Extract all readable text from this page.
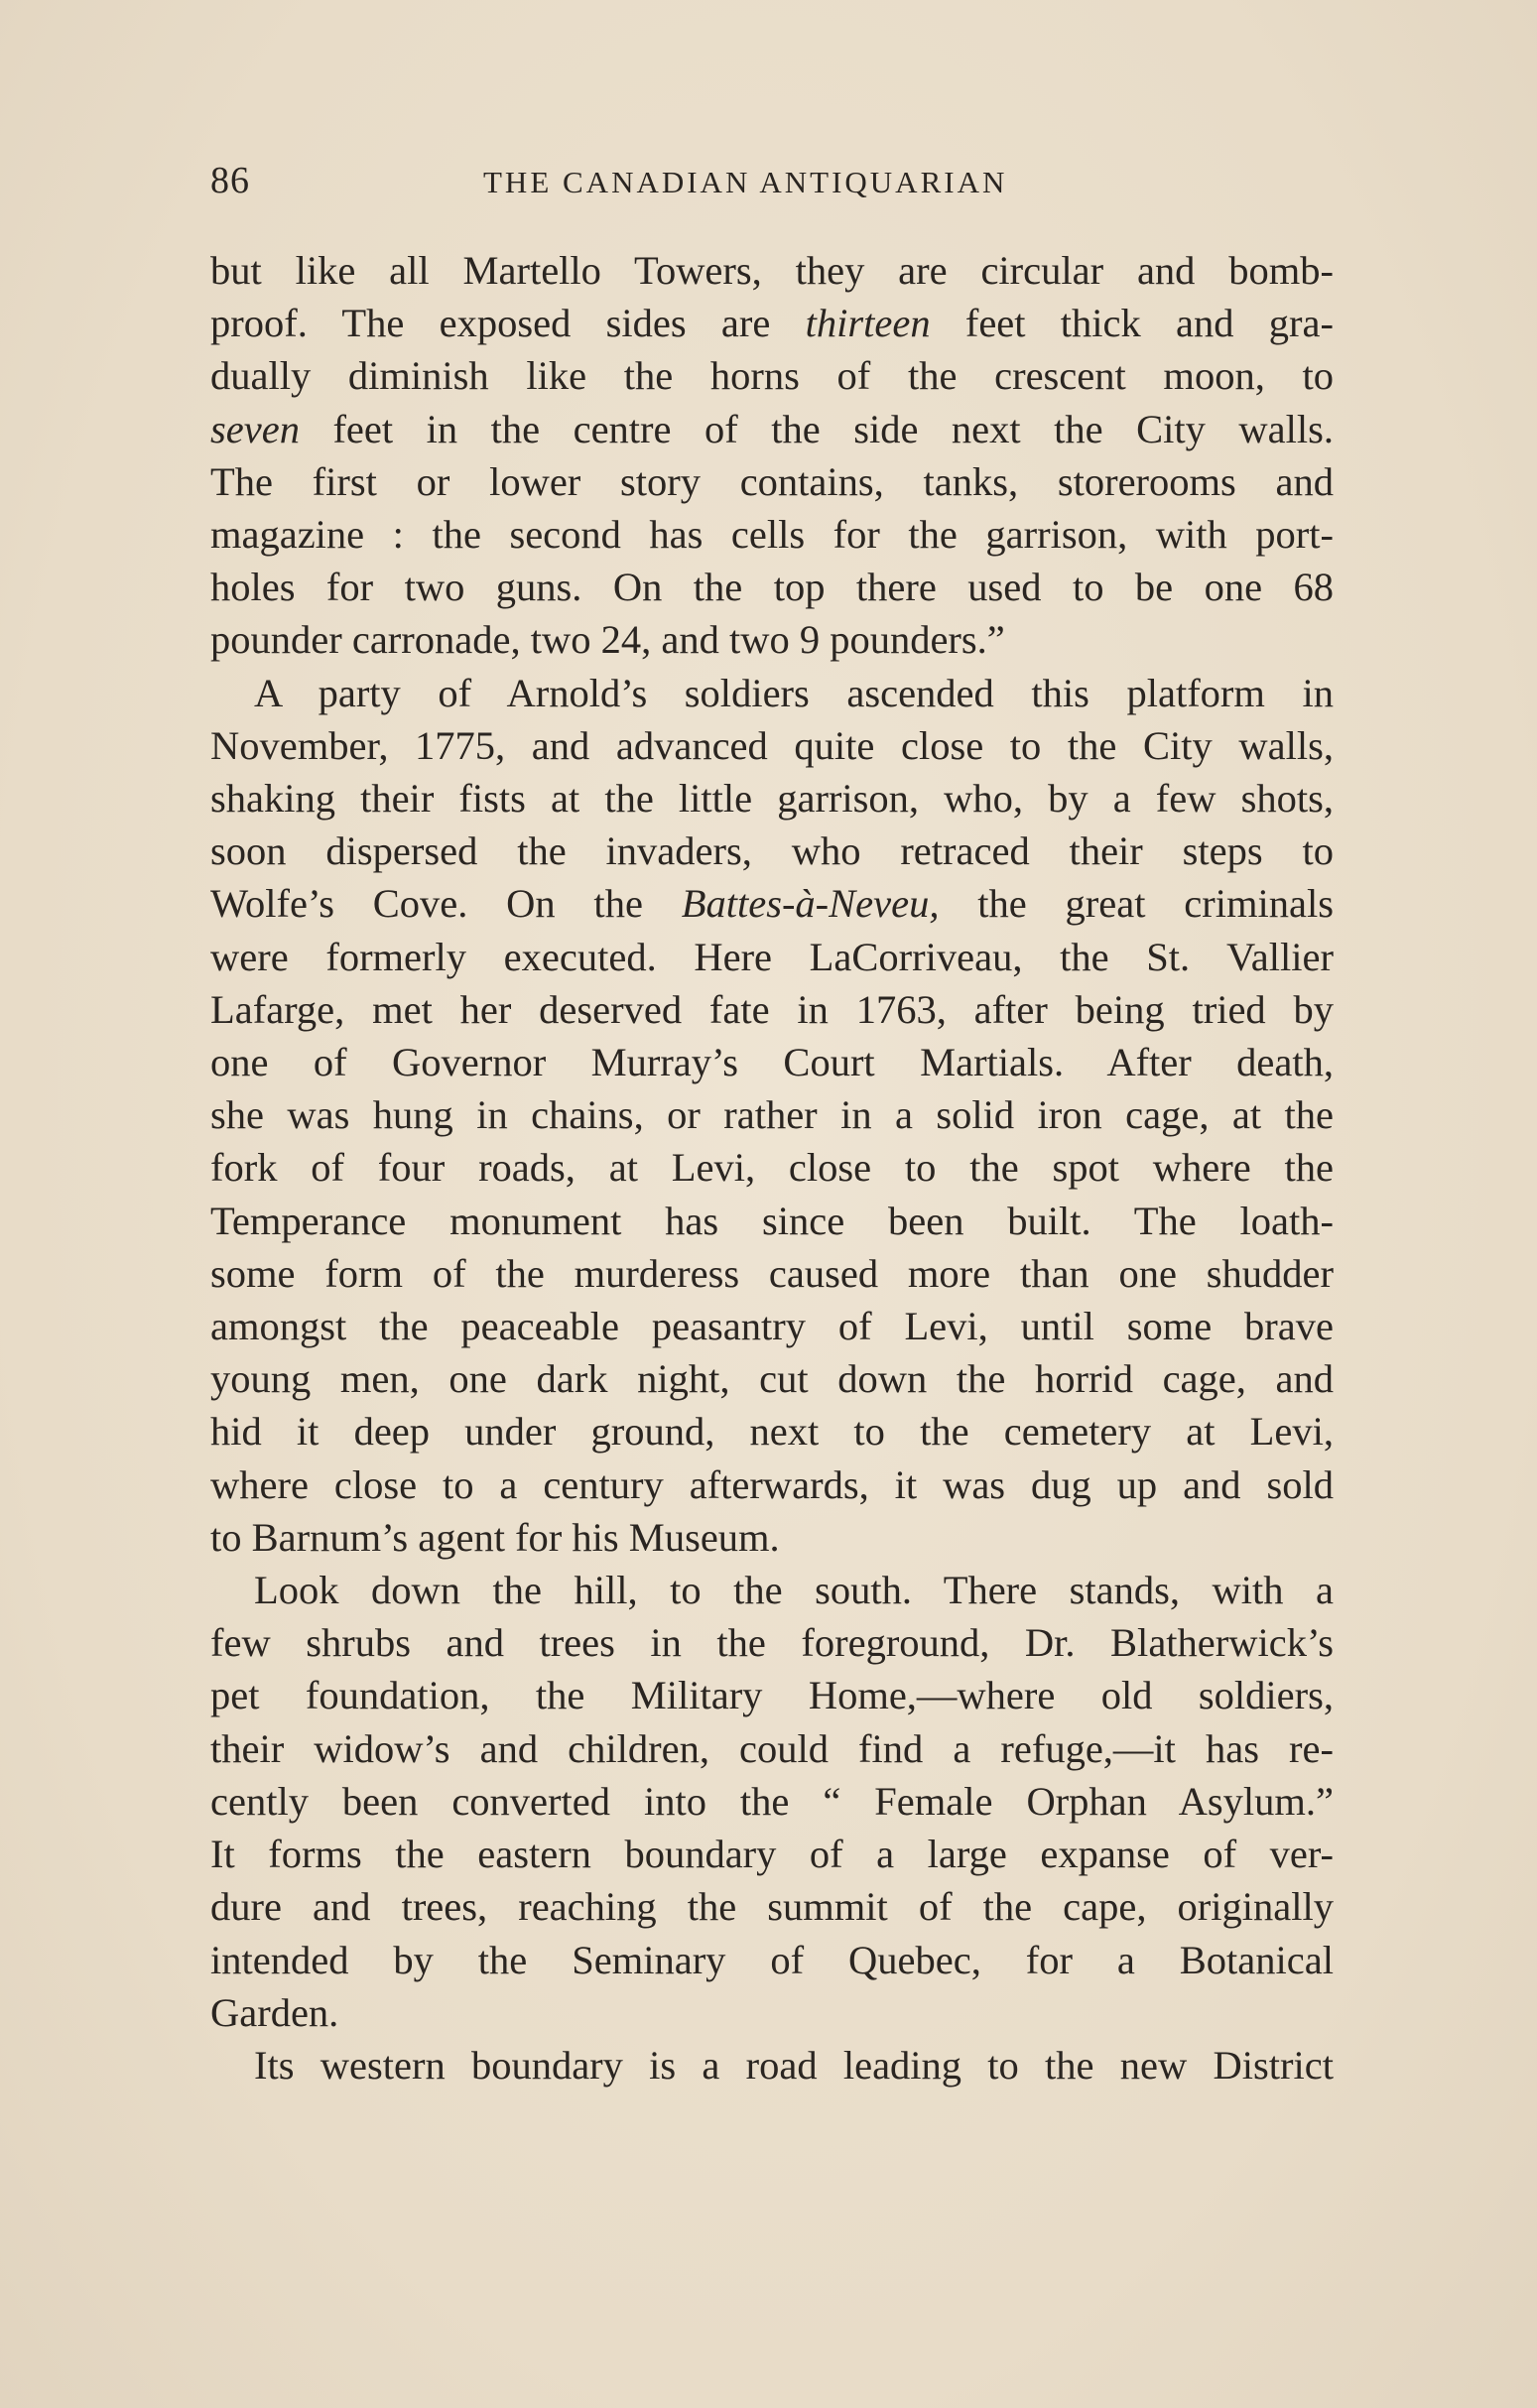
86	THE CANADIAN ANTIQUARIAN
but like all Martello Towers, they are circular and bomb-
proof. The exposed sides are thirteen feet thick and gra-
dually diminish like the horns of the crescent moon, to
seven feet in the centre of the side next the City walls.
The first or lower story contains, tanks, storerooms and
magazine : the second has cells for the garrison, with port-
holes for two guns. On the top there used to be one 68
pounder carronade, two 24, and two 9 pounders.”
A party of Arnold’s soldiers ascended this platform in
November, 1775, and advanced quite close to the City walls,
shaking their fists at the little garrison, who, by a few shots,
soon dispersed the invaders, who retraced their steps to
Wolfe’s Cove. On the Battes-à-Neveu, the great criminals
were formerly executed. Here LaCorriveau, the St. Vallier
Lafarge, met her deserved fate in 1763, after being tried by
one of Governor Murray’s Court Martials. After death,
she was hung in chains, or rather in a solid iron cage, at the
fork of four roads, at Levi, close to the spot where the
Temperance monument has since been built. The loath-
some form of the murderess caused more than one shudder
amongst the peaceable peasantry of Levi, until some brave
young men, one dark night, cut down the horrid cage, and
hid it deep under ground, next to the cemetery at Levi,
where close to a century afterwards, it was dug up and sold
to Barnum’s agent for his Museum.
Look down the hill, to the south. There stands, with a
few shrubs and trees in the foreground, Dr. Blatherwick’s
pet foundation, the Military Home,—where old soldiers,
their widow’s and children, could find a refuge,—it has re-
cently been converted into the “ Female Orphan Asylum.”
It forms the eastern boundary of a large expanse of ver-
dure and trees, reaching the summit of the cape, originally
intended by the Seminary of Quebec, for a Botanical
Garden.
Its western boundary is a road leading to the new District
